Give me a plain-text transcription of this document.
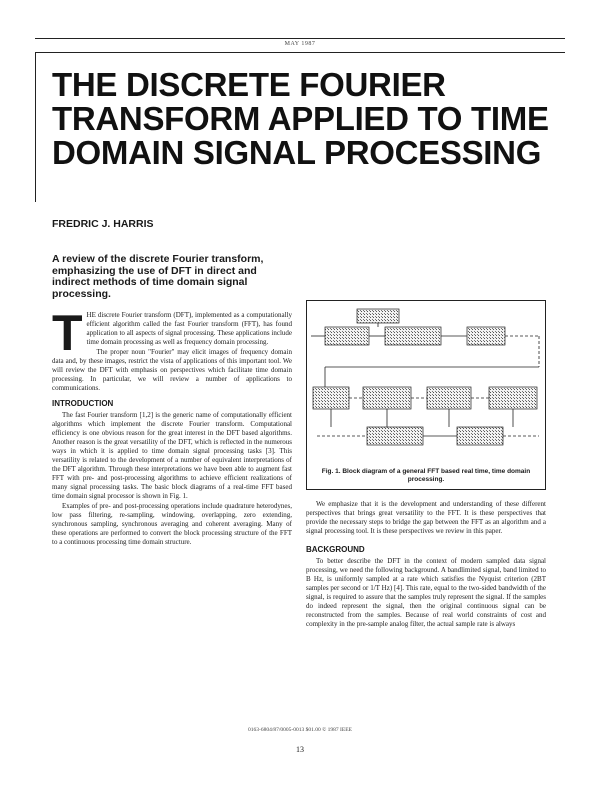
MAY 1987
THE DISCRETE FOURIER TRANSFORM APPLIED TO TIME DOMAIN SIGNAL PROCESSING
FREDRIC J. HARRIS
A review of the discrete Fourier transform, emphasizing the use of DFT in direct and indirect methods of time domain signal processing.

THE discrete Fourier transform (DFT), implemented as a computationally efficient algorithm called the fast Fourier transform (FFT), has found application to all aspects of signal processing. These applications include time domain processing as well as frequency domain processing.

The proper noun "Fourier" may elicit images of frequency domain data and, by these images, restrict the vista of applications of this important tool. We will review the DFT with emphasis on perspectives which facilitate time domain processing. In particular, we will review a number of applications to communications.

INTRODUCTION

The fast Fourier transform [1,2] is the generic name of computationally efficient algorithms which implement the discrete Fourier transform. Computational efficiency is one obvious reason for the great interest in the DFT based algorithms. Another reason is the great versatility of the DFT, which is reflected in the numerous ways in which it is applied to time domain signal processing tasks [3]. This versatility is related to the development of a number of equivalent interpretations of the DFT algorithm. Through these interpretations we have been able to augment fast FFT with pre- and post-processing algorithms to achieve efficient realizations of many signal processing tasks. The basic block diagrams of a real-time FFT based time domain signal processor is shown in Fig. 1.

Examples of pre- and post-processing operations include quadrature heterodynes, low pass filtering, re-sampling, windowing, overlapping, zero extending, synchronous sampling, synchronous averaging and coherent averaging. Many of these operations are performed to convert the block processing structure of the FFT to a continuous processing time domain structure.

Fig. 1. Block diagram of a general FFT based real time, time domain processing.

We emphasize that it is the development and understanding of these different perspectives that brings great versatility to the FFT. It is these perspectives that provide the necessary steps to bridge the gap between the FFT as an algorithm and a signal processing tool. It is these perspectives we review in this paper.

BACKGROUND

To better describe the DFT in the context of modern sampled data signal processing, we need the following background. A bandlimited signal, band limited to B Hz, is uniformly sampled at a rate which satisfies the Nyquist criterion (2BT samples per second or 1/T Hz) [4]. This rate, equal to the two-sided bandwidth of the signal, is required to assure that the samples truly represent the signal. If the samples do indeed represent the signal, then the original continuous signal can be reconstructed from the samples. Because of real world constraints of cost and complexity in the pre-sample analog filter, the actual sample rate is always

0163-6804/87/0005-0013 $01.00 © 1987 IEEE
13
